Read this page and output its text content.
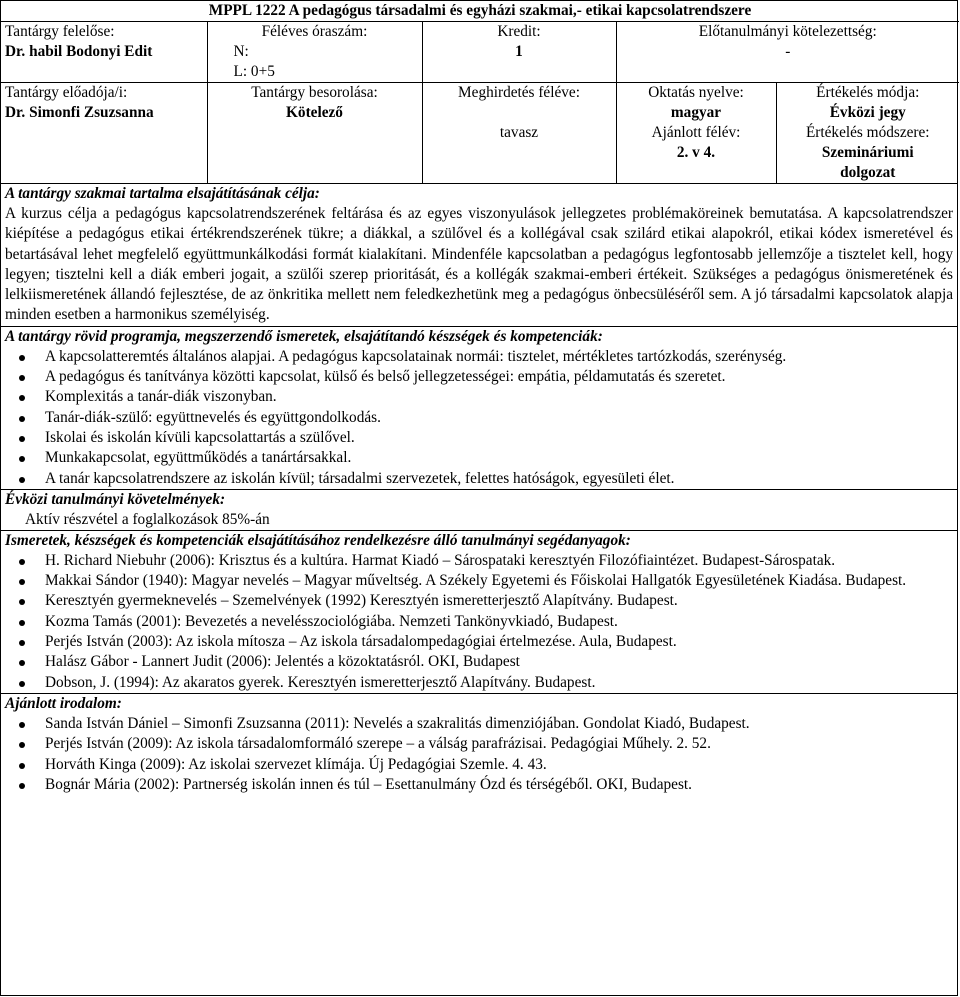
MPPL 1222 A pedagógus társadalmi és egyházi szakmai,- etikai kapcsolatrendszere				
Tantárgy felelőse:	Féléves óraszám:	Kredit:	Előtanulmányi kötelezettség:	
Dr. habil Bodonyi Edit	N:	1	-	
	L: 0+5			
Tantárgy előadója/i:	Tantárgy besorolása:	Meghirdetés féléve:	Oktatás nyelve:	Értékelés módja:
Dr. Simonfi Zsuzsanna	Kötelező		magyar	Évközi jegy
		tavasz	Ajánlott félév:	Értékelés módszere:
			2. v 4.	Szemináriumi
				dolgozat
A tantárgy szakmai tartalma elsajátításának célja:
A kurzus célja a pedagógus kapcsolatrendszerének feltárása és az egyes viszonyulások jellegzetes problémaköreinek bemutatása. A kapcsolatrendszer kiépítése a pedagógus etikai értékrendszerének tükre; a diákkal, a szülővel és a kollégával csak szilárd etikai alapokról, etikai kódex ismeretével és betartásával lehet megfelelő együttmunkálkodási formát kialakítani. Mindenféle kapcsolatban a pedagógus legfontosabb jellemzője a tisztelet kell, hogy legyen; tisztelni kell a diák emberi jogait, a szülői szerep prioritását, és a kollégák szakmai-emberi értékeit. Szükséges a pedagógus önismeretének és lelkiismeretének állandó fejlesztése, de az önkritika mellett nem feledkezhetünk meg a pedagógus önbecsüléséről sem. A jó társadalmi kapcsolatok alapja minden esetben a harmonikus személyiség.
A tantárgy rövid programja, megszerzendő ismeretek, elsajátítandó készségek és kompetenciák:
A kapcsolatteremtés általános alapjai. A pedagógus kapcsolatainak normái: tisztelet, mértékletes tartózkodás, szerénység.
A pedagógus és tanítványa közötti kapcsolat, külső és belső jellegzetességei: empátia, példamutatás és szeretet.
Komplexitás a tanár-diák viszonyban.
Tanár-diák-szülő: együttnevelés és együttgondolkodás.
Iskolai és iskolán kívüli kapcsolattartás a szülővel.
Munkakapcsolat, együttműködés a tanártársakkal.
A tanár kapcsolatrendszere az iskolán kívül; társadalmi szervezetek, felettes hatóságok, egyesületi élet.
Évközi tanulmányi követelmények:
Aktív részvétel a foglalkozások 85%-án
Ismeretek, készségek és kompetenciák elsajátításához rendelkezésre álló tanulmányi segédanyagok:
H. Richard Niebuhr (2006): Krisztus és a kultúra. Harmat Kiadó – Sárospataki keresztyén Filozófiaintézet. Budapest-Sárospatak.
Makkai Sándor (1940): Magyar nevelés – Magyar műveltség. A Székely Egyetemi és Főiskolai Hallgatók Egyesületének Kiadása. Budapest.
Keresztyén gyermeknevelés – Szemelvények (1992) Keresztyén ismeretterjesztő Alapítvány. Budapest.
Kozma Tamás (2001): Bevezetés a nevelésszociológiába. Nemzeti Tankönyvkiadó, Budapest.
Perjés István (2003): Az iskola mítosza – Az iskola társadalompedagógiai értelmezése. Aula, Budapest.
Halász Gábor - Lannert Judit (2006): Jelentés a közoktatásról. OKI, Budapest
Dobson, J. (1994): Az akaratos gyerek. Keresztyén ismeretterjesztő Alapítvány. Budapest.
Ajánlott irodalom:
Sanda István Dániel – Simonfi Zsuzsanna (2011): Nevelés a szakralitás dimenziójában. Gondolat Kiadó, Budapest.
Perjés István (2009): Az iskola társadalomformáló szerepe – a válság parafrázisai. Pedagógiai Műhely. 2. 52.
Horváth Kinga (2009): Az iskolai szervezet klímája. Új Pedagógiai Szemle. 4. 43.
Bognár Mária (2002): Partnerség iskolán innen és túl – Esettanulmány Ózd és térségéből. OKI, Budapest.
